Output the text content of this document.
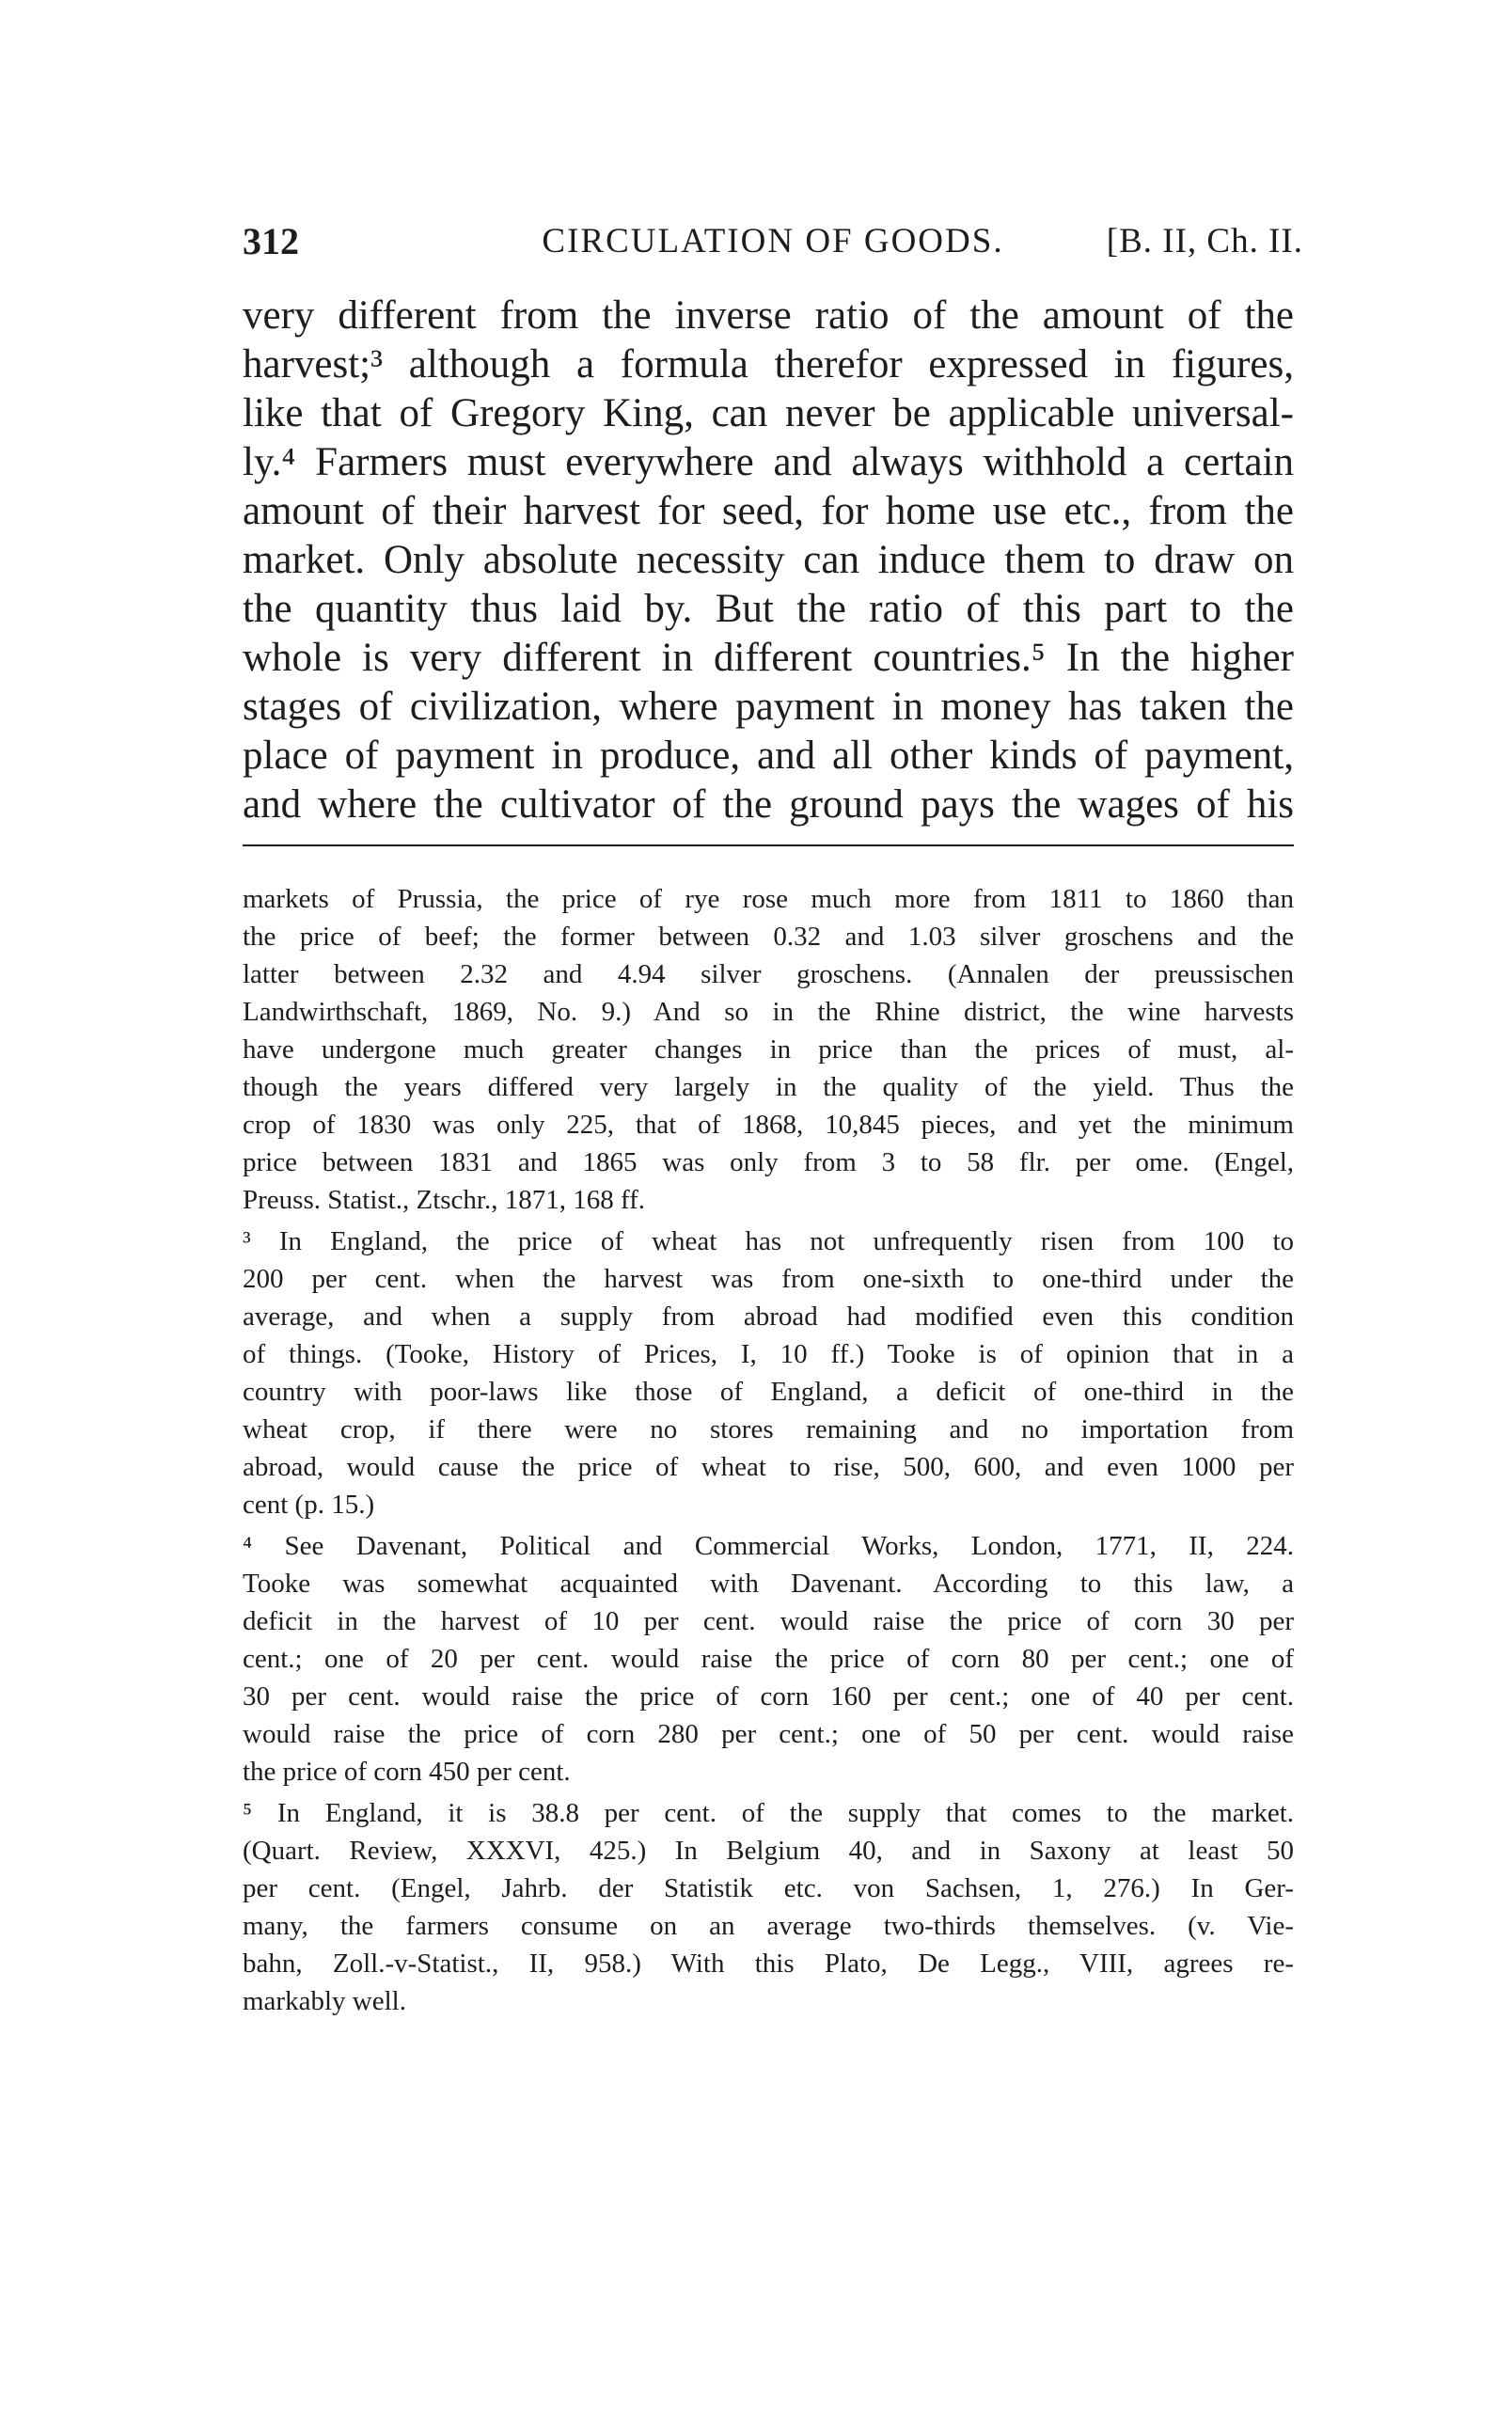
312	CIRCULATION OF GOODS.	[B. II, Ch. II.
very different from the inverse ratio of the amount of the
harvest;³ although a formula therefor expressed in figures,
like that of Gregory King, can never be applicable universal-
ly.⁴ Farmers must everywhere and always withhold a certain
amount of their harvest for seed, for home use etc., from the
market. Only absolute necessity can induce them to draw on
the quantity thus laid by. But the ratio of this part to the
whole is very different in different countries.⁵ In the higher
stages of civilization, where payment in money has taken the
place of payment in produce, and all other kinds of payment,
and where the cultivator of the ground pays the wages of his
markets of Prussia, the price of rye rose much more from 1811 to 1860 than
the price of beef; the former between 0.32 and 1.03 silver groschens and the
latter between 2.32 and 4.94 silver groschens. (Annalen der preussischen
Landwirthschaft, 1869, No. 9.) And so in the Rhine district, the wine harvests
have undergone much greater changes in price than the prices of must, al-
though the years differed very largely in the quality of the yield. Thus the
crop of 1830 was only 225, that of 1868, 10,845 pieces, and yet the minimum
price between 1831 and 1865 was only from 3 to 58 flr. per ome. (Engel,
Preuss. Statist., Ztschr., 1871, 168 ff.
³ In England, the price of wheat has not unfrequently risen from 100 to
200 per cent. when the harvest was from one-sixth to one-third under the
average, and when a supply from abroad had modified even this condition
of things. (Tooke, History of Prices, I, 10 ff.) Tooke is of opinion that in a
country with poor-laws like those of England, a deficit of one-third in the
wheat crop, if there were no stores remaining and no importation from
abroad, would cause the price of wheat to rise, 500, 600, and even 1000 per
cent (p. 15.)
⁴ See Davenant, Political and Commercial Works, London, 1771, II, 224.
Tooke was somewhat acquainted with Davenant. According to this law, a
deficit in the harvest of 10 per cent. would raise the price of corn 30 per
cent.; one of 20 per cent. would raise the price of corn 80 per cent.; one of
30 per cent. would raise the price of corn 160 per cent.; one of 40 per cent.
would raise the price of corn 280 per cent.; one of 50 per cent. would raise
the price of corn 450 per cent.
⁵ In England, it is 38.8 per cent. of the supply that comes to the market.
(Quart. Review, XXXVI, 425.) In Belgium 40, and in Saxony at least 50
per cent. (Engel, Jahrb. der Statistik etc. von Sachsen, 1, 276.) In Ger-
many, the farmers consume on an average two-thirds themselves. (v. Vie-
bahn, Zoll.-v-Statist., II, 958.) With this Plato, De Legg., VIII, agrees re-
markably well.
